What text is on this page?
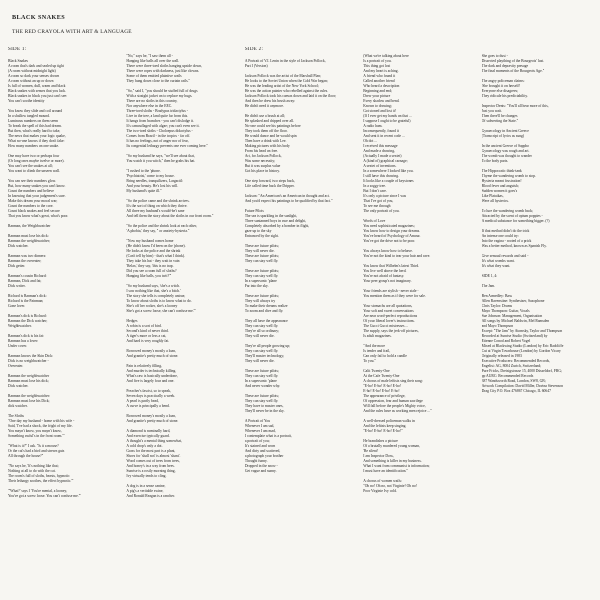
BLACK SNAKES
THE RED CRAYOLA WITH ART & LANGUAGE
SIDE 1:
Black Snakes
A room that's dark and sealed up tight
(A room without midnight light)
A room so dark your senses drown
A room without an up or down
Is full of women, dull, warm and black
Black snakes with senses that you lack.
Black snakes in black you just can't see:
You can't soothe identity
You know they slide and coil around
In a shallow tangled mound.
Luminous numbers on them seem
To break the spell of this bad dream.
But then, what's really hard to take,
The news that makes your logic quake,
What no-one knows if they don't fake:
How many numbers on one snake.
One may have two or perhaps four
(Or long ones maybe twelve or more).
You can't see the snakes at all;
You want to climb the unseen wall.
You can see their numbers glow.
But, how many snakes you can't know.
Count the numbers and believe
In knowing that your judgement's sure.
Make this dream your moral war;
Count the numbers to the core.
Count black snakes and feel secure
That you know what's great, what's poor.
Ranman, the Weighbwatcher

Ranman must lose his dick:
Ranman the weighbwatcher;
Dick watcher.
Ranman was two dinners:
Ranman the overeater;
Dick getter.
Ranman's cousin Richard:
Ranman, Dick and fat;
Dick writer.
Richard is Ranman's dick:
Richard is the Painman;
Gone lover.
Ranman's dick is Richard:
Ranman the Dick watcher;
Weighbwatcher.
Ranman's dick is his fat:
Ranman has a lover:
Under cover.
Ranman knows the Skin Dick:
Dick is no weighbwatcher -
Overeater.
Ranman the weighbwatcher
Ranman must lose his dick;
Dick watcher.
Ranman the weighbwatcher:
Ranman must lose his Dick;
dick watcher.
The Sloths
"One day my husband - home with his wife -
Said, 'I've had a shock, the fright of my life.
You mayn't know, you mayn't know,
Something awful's in the front room.'"
"What is it?" I ask. "Is it a mouse?
Or the cat's had a bird and strewn guts
All through the house?"
"No says he, 'It's nothing like that;
Nothing at all to do with the cat.
The room's full of sloths, beasts, hypnotic
Their lethargy soothes, the effect hypnotic.'"
"'What?' says I 'You're mental, a looney,
You've got a screw loose. You can't confuse me.'"
"No," says he, "I saw them all -
Hanging like balls all over the wall.
There were three-toed sloths hanging upside down,
There were ropes with darkness, just like clowns.
Some of them emitted plaintive wails
They hung down close to the curtain rails."
"So," said I, "you should be stuffed full of drugs
With a straight jacket on to replace my hugs.
There are no sloths in this country,
Nor anywhere else in the EEC.
Three-toed sloths - Bradypus tridactylus -
Live in the tree, a land quite far from this.
It hangs from branches - you can't dislodge it.
It's camouflaged with algae; you can't even see it.
The two-toed sloths - Choloepus didactylus -
Comes from Brazil - in the tropics - far off.
It has no feelings, not of anger nor of fear,
Its congenital lethargy prevents one ever coming here."
"So my husband he says, "we'll see about that,
You watch it you witch," then he grabs his hat.
"I rushed to the 'phone.
'Psychiatrist,' come to my house.
Bring needles, tranquilizers, Largactil:
And your beauty. He's lost his will.
My husband's quite ill."
"So the police came and the shrink arrives.
It's the sort of thing on which they thrive.
All three my husband's would-be't sane
And tell them the story about the sloths in our front room."
"So the police and the shrink look at each other,
'A phobia,' they say, " or anxiety-hysteria."
"Now my husband comes home
(He didn't know I'd been on the 'phone).
He looks at the police and the shrink
(Can't tell by him) - that's what I think).
They take his hat - they wait in vain
'Relax,' they say, 'this is no trap.
Did you see a room full of sloths?
Hanging like balls, you twit?'"
"So my husband says, 'she's a witch.
I saw nothing like that, she's a bitch.'
The story she tells is completely untrue,
To know about sloths is to know what to do.
She's off her rocker, she's a looney
She's got a screw loose, she can't confuse me.'"
Hedges
A robin is a sort of bird.
Second's kind of never third.
A tiger's more or less a cat,
And hard is very roughly fat.
Borrowed money's mostly a loan,
And granite's pretty much of stone.
Pain is relatively filling,
And murder is technically killing.
What's raw is basically underdone,
And five is largely four and one.
Preacher's fascist, so to speak,
Seven days is practically a week.
A pearl is partly bead,
A curve is principally a bend.
Borrowed money's mostly a loan,
And granite's pretty much of stone.
A diamond is nominally hard,
And exercise typically guard.
A thought's a mental thing somewhat,
A cold drop's only a dot.
Grass for the most part is a plant,
Shoes for 'shall not' is almost 'shant'.
Wood comes out of trees from trees,
And honey's in a way from bees.
Sunrise is a rosily morning thing,
Ivy virtually tends to cling.
A dog is in a sense canine,
A pig's a veritable swine,
And Ronald Reagan is a rancher.
SIDE 2:
A Portrait of V.I. Lenin in the style of Jackson Pollock,
Part I (Version)
Jackson Pollock was the artist of the Marshall Plan;
He looks to the Soviet Union when the Cold War began;
He was the leading artist of the New York School;
He was the action painter who rebelled against the rules.
Jackson Pollock took his canvas down and laid it on the floor;
And then he drew his brush away:
He didn't need it anymore.
He didn't use a brush at all;
He splashed and dripped over all.
No-one could see his paintings before
They took them off the floor.
He would dance and he would spin
Then have a drink with Lee.
Making pictures with his body
From his head on free.
Art, for Jackson Pollock,
Was some necessity;
But it was surplus value
Got his place in history.
One step forward, two steps back,
Life called time back the Dripper.
Jackson: "An American's an American in thought and act.
And you'd expect his paintings to be qualified by that fact."
Future Pilots
The sea is sparkling in the sunlight,
Three suntanned boys in awe and delight,
Completely absorbed by a bomber in flight,
gaze up to the sky
Entranced by the sight.
These are future pilots;
They will never die.
These are future pilots;
They can stay well fly.
These are future pilots;
They can stay well fly.
In a supersonic 'plane
Far into the sky.
These are future pilots;
They will always try
To make their dreams realize
To zoom and dive and fly.
They all have the appearance
They can stay well fly.
They're all so ordinary;
They will never die.
They're all people growing up;
They can stay well fly.
They'll master technology;
They will never die.
These are future pilots;
They can stay well fly.
In a supersonic 'plane
And never wonder why.
These are future pilots;
They can stay well fly.
They have to master ones,
They'll never be in the sky.
A Portrait of You
Whenever I am sad,
Whenever I am mad,
I contemplate what is a portrait,
a portrait of you;
It's stained and worn
And dirty and scattered,
a photograph your brother
Thought funny.
Dropped in the snow -
Get vague and sunny.
(What we're talking about here
Is a portrait of you.
This thing got lost
And my heart is aching.
A friend who found it
Called another friend
Who heard a description
Beginning and end;
Drew your picture
Every shadow and bend.
Known to drawing;
Got stoned and lost it!
(If I ever get my hands on that ...
I suppose I ought to be grateful)
A radio ham.
Inconsequently, found it
And sent it in recent code ...
Oh dot ...
I received this message
And made a drawing,
(Actually I made a sextet)
A (kind of) graphical carnage;
A sextet of inventions.
In a somewhere I looked like you.
I still have this drawing.
It looks like a couple of keystones
In a soggy tree.
But I don't care.
It's only a picture since I was
That I've got of you,
To see me through
The only portrait of you.
Words of Love
You need sophisticated magazines;
You know how to design your dreams.
You've heard of Psychology of Amour.
You've got the drive not to be poor.
You always know how to behave.
You're not the kind to tear your hair and rave.
You know that Wilhelm's latest Third.
You live well above the herd.
You're not afraid of fantasy.
Your peer group's not imaginary.
Your friends are stylish - never stale -
You mention them as if they were for sale.
Your stomachs are all quotations,
Your soft and sweet conversations
Are near word-perfect reproductions
Of your liberal lover's instructions.
The Gucci Gucci mistresses ...
The supply, says the jerk-off pictures,
Is adult magazines.
"And the more
Is tender and frail,
Can only fail to hold a candle
To you."
Calit Twenty-One
At the Cafe Twenty-One
A chorus of male leftists sing their song:
"E-ho! E-ho! E-ho! E-ho!
E-ho! E-ho! E-ho! E-ho!
The appearance of privilege,
Of oppression, fear and human sacrilege
Will fall before the people's Mighty voice,
And the rules have as working men rejoice ..."
A well-dressed policeman walks in
And the leftists keep singing.
"E-ho! E-ho! E-ho! E-ho!"
He brandishes a picture
Of a brutally murdered young woman,
'Be silent!
I am Inspector Doss,
And something is killer in my business.
What I want from communist is information;
I must have an identification."
A chorus of women wails:
"Oh no! Oh no, not Virginie! Oh no!
Poor Virginie Ivy cold.
She goes to dust -
Dissected plaything of the Bourgeois' lust.
The dark and depravity presage
The final moments of the Bourgeois Age."
The angry policeman claims:
'She brought it on herself!
Everyone else disagrees;
They ridicule his predictability.
Inspector Dents: "You'll all hear more of this,
Just you wait.
Then there'll be changes
Of subverting the State."
Gynaecology in Ancient Greece
(Transcript of lyrics as sung)
In the ancient Greece of Sappho
Gynaecology was rough and art.
The womb was thought to wander
To the body parts.
The Hippocratic think-tank
Thyme the wandering womb to stop.
Hysteria meant frustration!
Blood fever and anguish;
Sudden women it goes's
Like Plataikas,
Were all hysterics.
To lure the wandering womb back;
Attracted by the scent of opium poppies -
A medical substance for something bigger. (?)
If that method didn't do the trick
An intense one could try:
Into the vagina - rooted of a prick
Was a better method, known as Spanish Fly.
Give sensual rewards and said -
It's what wombs want.
It's what they want.
SIDE 1, 4:

The Jam.
Ben Armedley: Bass
Allen Ravenstine: Synthesizer, Saxophone
Chris Taylor: Drums
Mayo Thompson: Guitar, Vocals
Sue Johnson: Management, Organisation
All songs by Michael Baldwin, Mel Ramsden
and Mayo Thompson
Except: "The Jam" by Atomsky, Taylor and Thompson
Recorded at Sunrise Studio (Switzerland) by
Etienne Conod and Robert Vogel
Mixed at Blackwing Studio (London) by Eric Radcliffe
Cut at Virgin Townhouse (London) by Gordon Vicary
Originally released in 1983
Executive Producers: Recommended Records,
Engelist: AG, 8004 Zurich, Switzerland;
Pure Fricks, Dreisigstrasse 15, 4000 Düsseldorf, FRG;
pp AURC: Recommended Records
387 Wandsworth Road, London, SW8, GB;
Artwork Compilation: David Miller, Davina Stevenson
Drag City P.O. Box 476867 Chicago, IL 60647
